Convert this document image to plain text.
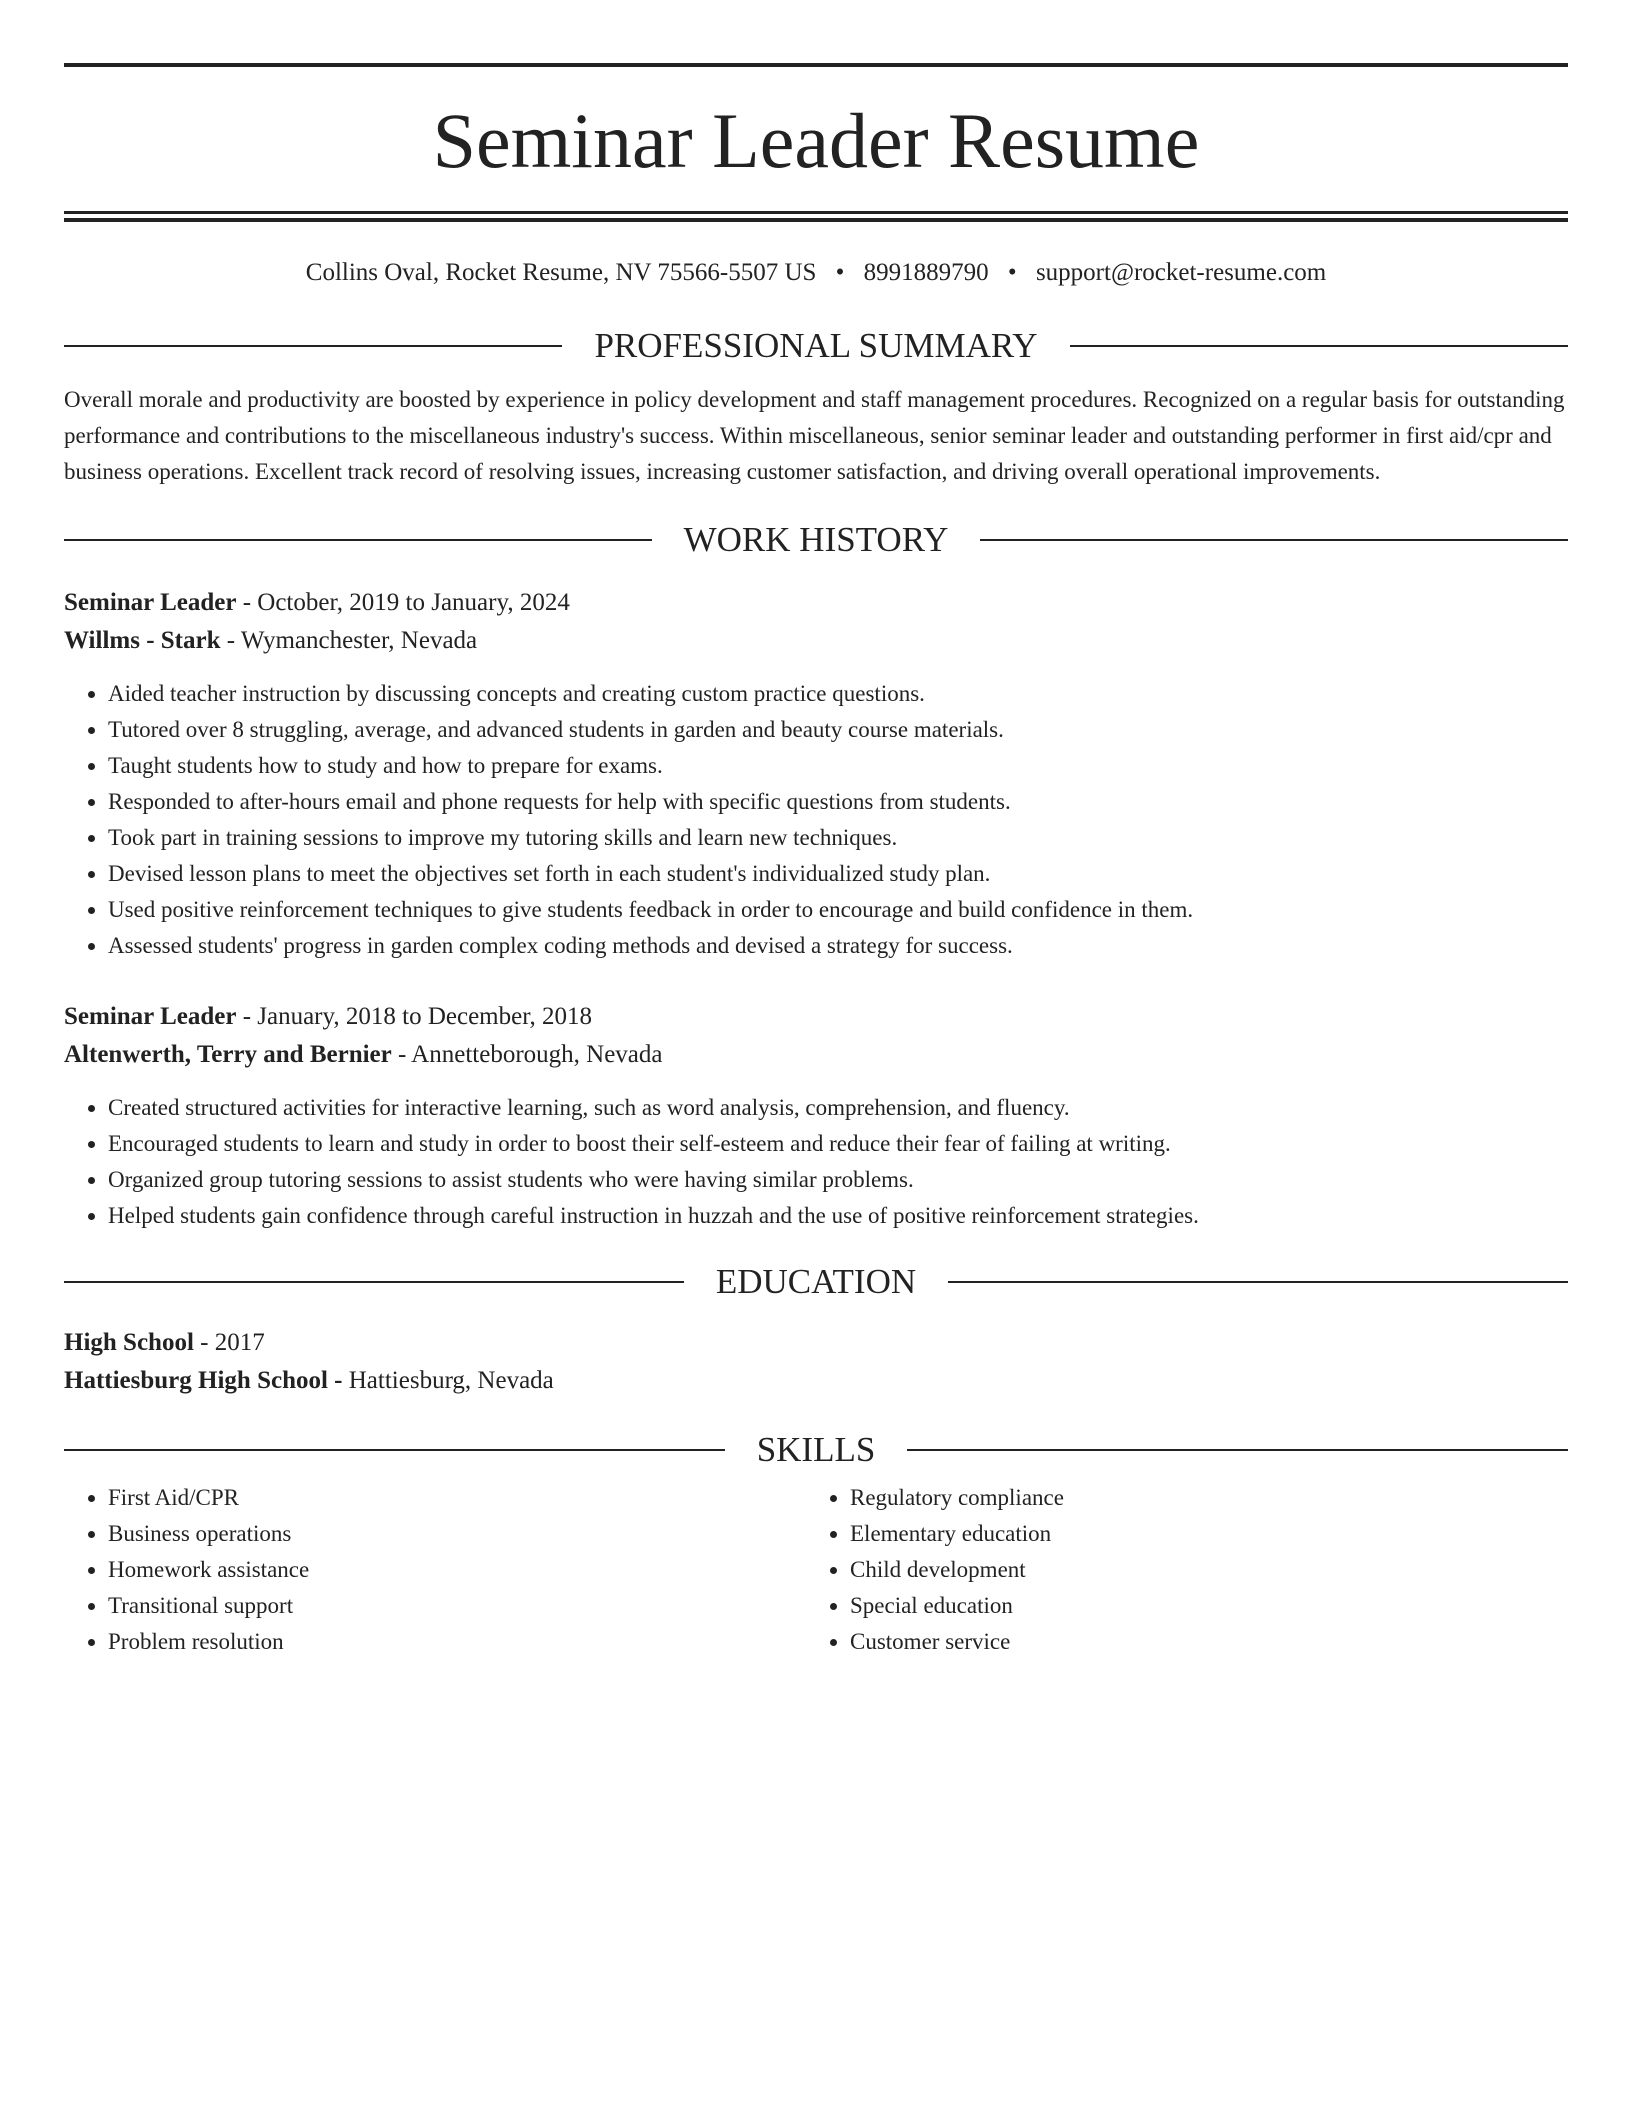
Seminar Leader Resume
Collins Oval, Rocket Resume, NV 75566-5507 US • 8991889790 • support@rocket-resume.com
PROFESSIONAL SUMMARY

Overall morale and productivity are boosted by experience in policy development and staff management procedures. Recognized on a regular basis for outstanding performance and contributions to the miscellaneous industry's success. Within miscellaneous, senior seminar leader and outstanding performer in first aid/cpr and business operations. Excellent track record of resolving issues, increasing customer satisfaction, and driving overall operational improvements.

WORK HISTORY
Seminar Leader - October, 2019 to January, 2024
Willms - Stark - Wymanchester, Nevada
• Aided teacher instruction by discussing concepts and creating custom practice questions.
• Tutored over 8 struggling, average, and advanced students in garden and beauty course materials.
• Taught students how to study and how to prepare for exams.
• Responded to after-hours email and phone requests for help with specific questions from students.
• Took part in training sessions to improve my tutoring skills and learn new techniques.
• Devised lesson plans to meet the objectives set forth in each student's individualized study plan.
• Used positive reinforcement techniques to give students feedback in order to encourage and build confidence in them.
• Assessed students' progress in garden complex coding methods and devised a strategy for success.
Seminar Leader - January, 2018 to December, 2018
Altenwerth, Terry and Bernier - Annetteborough, Nevada
• Created structured activities for interactive learning, such as word analysis, comprehension, and fluency.
• Encouraged students to learn and study in order to boost their self-esteem and reduce their fear of failing at writing.
• Organized group tutoring sessions to assist students who were having similar problems.
• Helped students gain confidence through careful instruction in huzzah and the use of positive reinforcement strategies.
EDUCATION
High School - 2017
Hattiesburg High School - Hattiesburg, Nevada
SKILLS
• First Aid/CPR
• Business operations
• Homework assistance
• Transitional support
• Problem resolution
• Regulatory compliance
• Elementary education
• Child development
• Special education
• Customer service
